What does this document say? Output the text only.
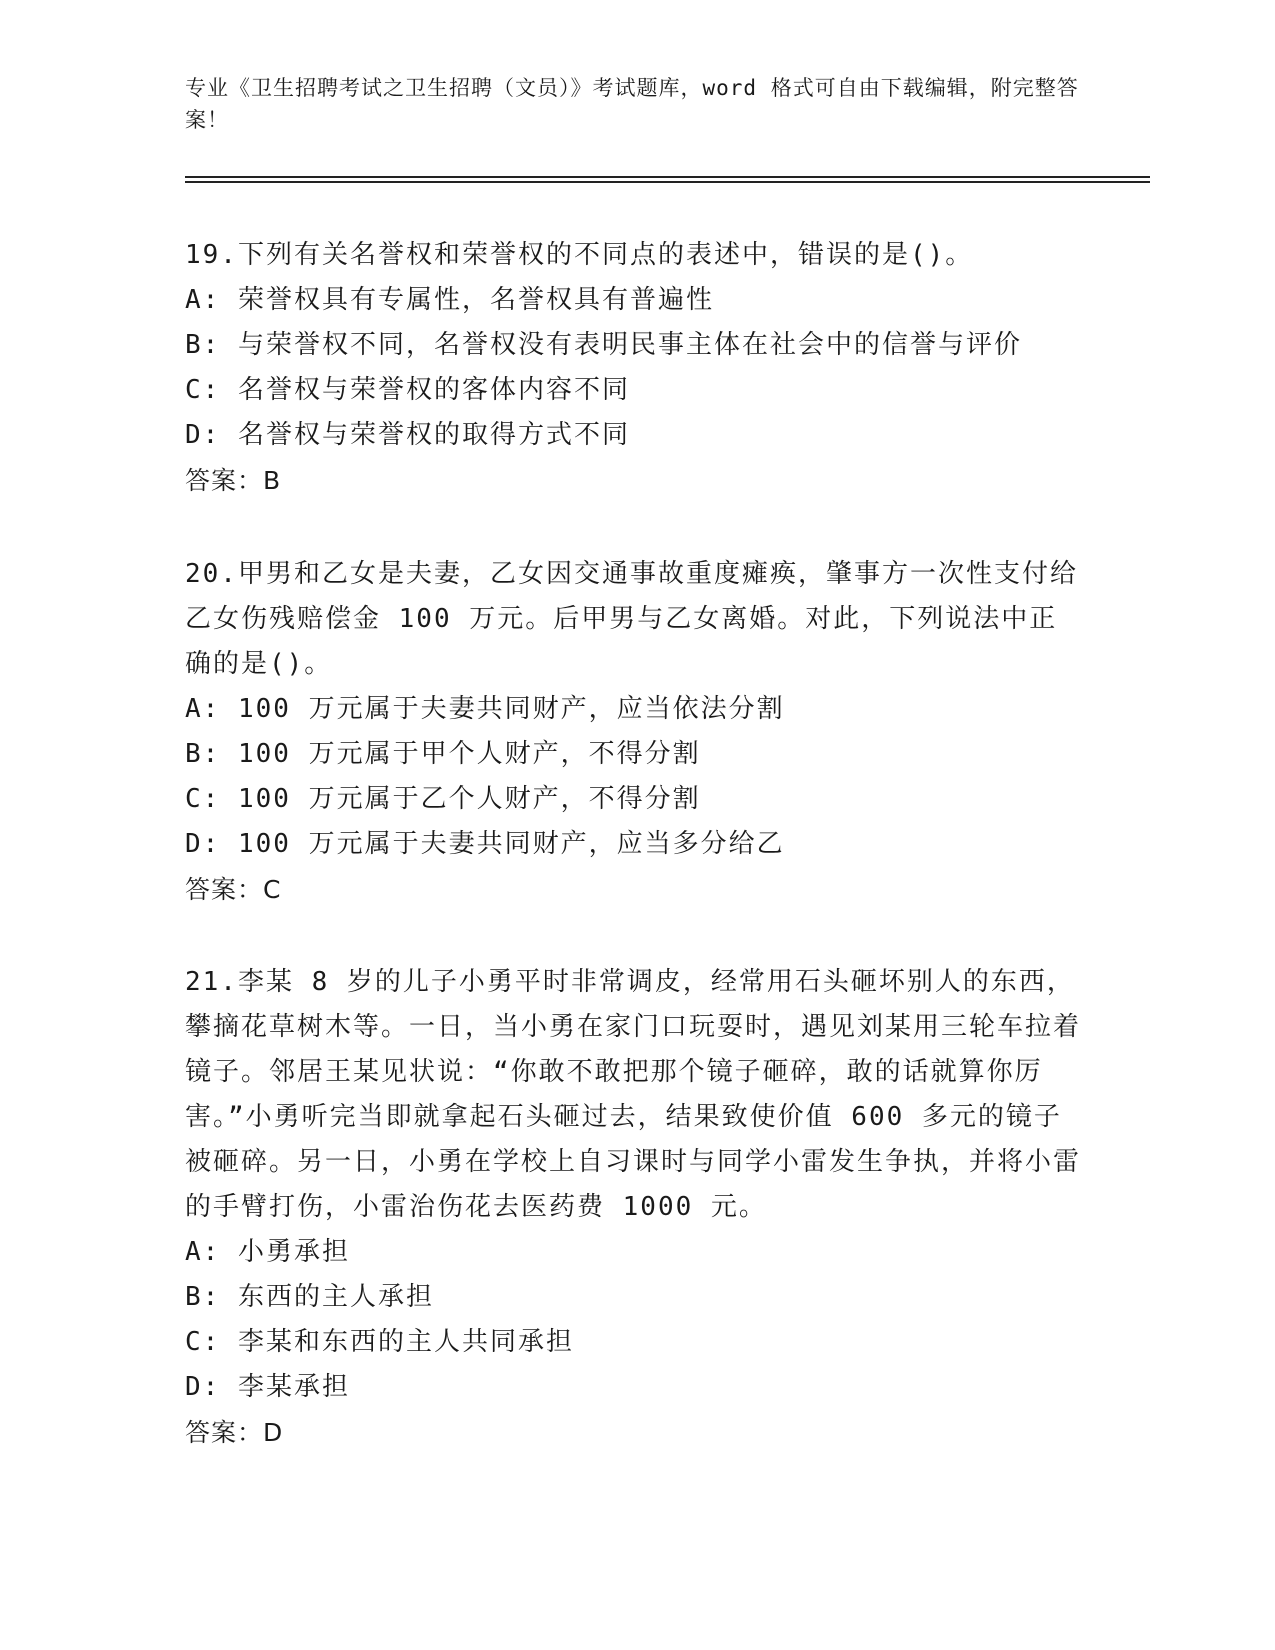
专业《卫生招聘考试之卫生招聘（文员）》考试题库，word 格式可自由下载编辑，附完整答案！

19.下列有关名誉权和荣誉权的不同点的表述中，错误的是()。

A: 荣誉权具有专属性，名誉权具有普遍性

B: 与荣誉权不同，名誉权没有表明民事主体在社会中的信誉与评价

C: 名誉权与荣誉权的客体内容不同

D: 名誉权与荣誉权的取得方式不同

答案：B

20.甲男和乙女是夫妻，乙女因交通事故重度瘫痪，肇事方一次性支付给乙女伤残赔偿金 100 万元。后甲男与乙女离婚。对此，下列说法中正确的是()。

A: 100 万元属于夫妻共同财产，应当依法分割

B: 100 万元属于甲个人财产，不得分割

C: 100 万元属于乙个人财产，不得分割

D: 100 万元属于夫妻共同财产，应当多分给乙

答案：C

21.李某 8 岁的儿子小勇平时非常调皮，经常用石头砸坏别人的东西，攀摘花草树木等。一日，当小勇在家门口玩耍时，遇见刘某用三轮车拉着镜子。邻居王某见状说：“你敢不敢把那个镜子砸碎，敢的话就算你厉害。”小勇听完当即就拿起石头砸过去，结果致使价值 600 多元的镜子被砸碎。另一日，小勇在学校上自习课时与同学小雷发生争执，并将小雷的手臂打伤，小雷治伤花去医药费 1000 元。

A: 小勇承担

B: 东西的主人承担

C: 李某和东西的主人共同承担

D: 李某承担

答案：D
